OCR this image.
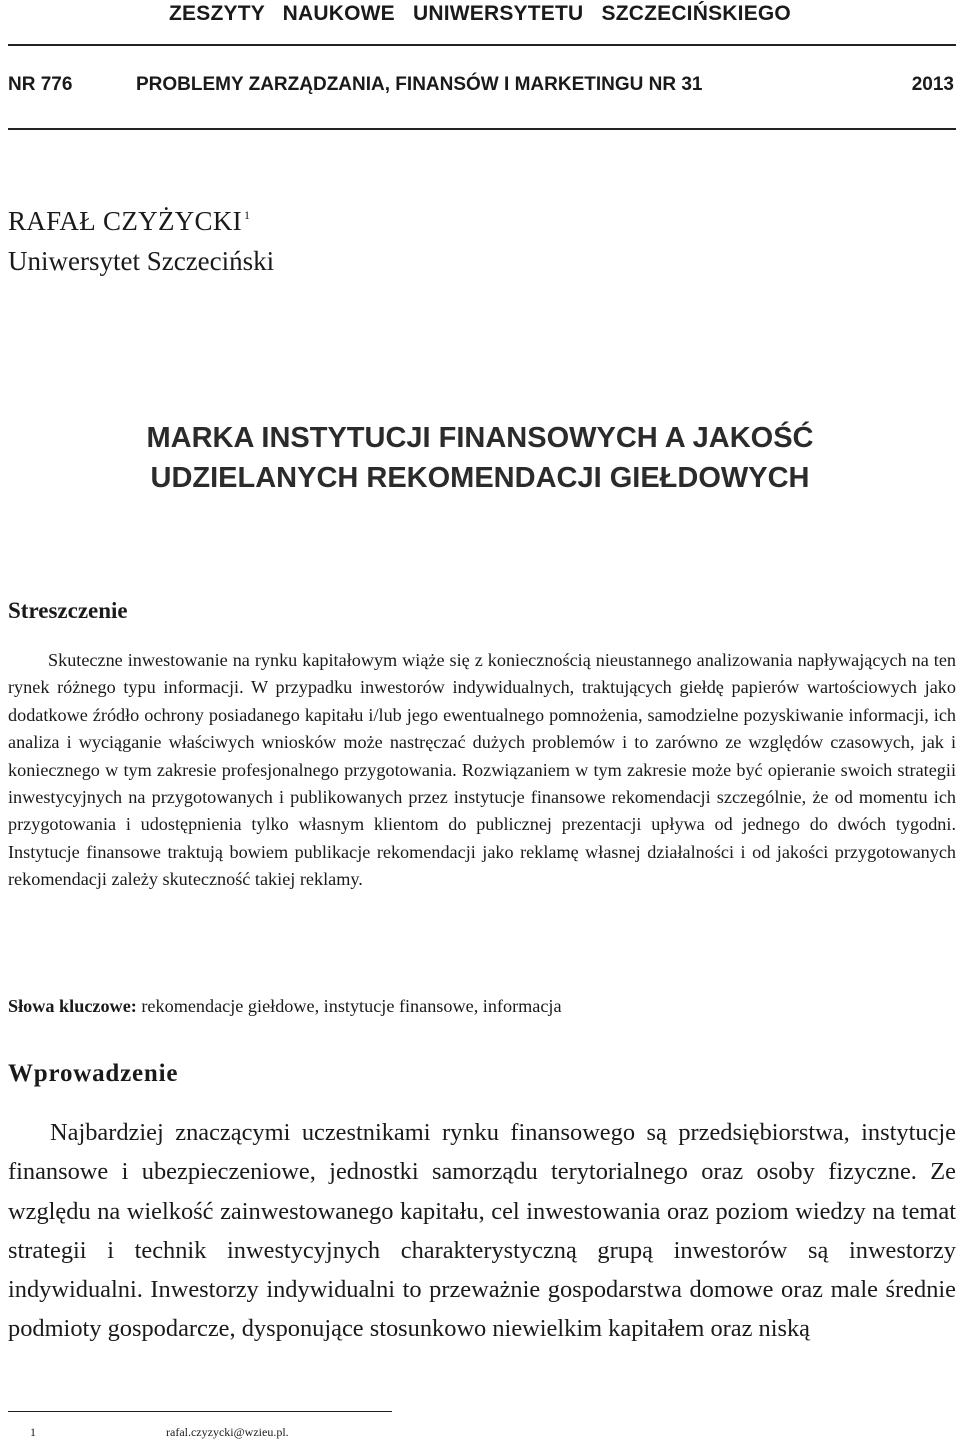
ZESZYTY   NAUKOWE   UNIWERSYTETU   SZCZECIŃSKIEGO
NR 776	PROBLEMY ZARZĄDZANIA, FINANSÓW I MARKETINGU NR 31	2013
RAFAŁ CZYŻYCKI $^1$
Uniwersytet Szczeciński
MARKA INSTYTUCJI FINANSOWYCH A JAKOŚĆ
UDZIELANYCH REKOMENDACJI GIEŁDOWYCH
Streszczenie

Skuteczne inwestowanie na rynku kapitałowym wiąże się z koniecznością nieustannego analizowania napływających na ten rynek różnego typu informacji. W przypadku inwestorów indywidualnych, traktujących giełdę papierów wartościowych jako dodatkowe źródło ochrony posiadanego kapitału i/lub jego ewentualnego pomnożenia, samodzielne pozyskiwanie informacji, ich analiza i wyciąganie właściwych wniosków może nastręczać dużych problemów i to zarówno ze względów czasowych, jak i koniecznego w tym zakresie profesjonalnego przygotowania. Rozwiązaniem w tym zakresie może być opieranie swoich strategii inwestycyjnych na przygotowanych i publikowanych przez instytucje finansowe rekomendacji szczególnie, że od momentu ich przygotowania i udostępnienia tylko własnym klientom do publicznej prezentacji upływa od jednego do dwóch tygodni. Instytucje finansowe traktują bowiem publikacje rekomendacji jako reklamę własnej działalności i od jakości przygotowanych rekomendacji zależy skuteczność takiej reklamy.

Słowa kluczowe: rekomendacje giełdowe, instytucje finansowe, informacja
Wprowadzenie

Najbardziej znaczącymi uczestnikami rynku finansowego są przedsiębiorstwa, instytucje finansowe i ubezpieczeniowe, jednostki samorządu terytorialnego oraz osoby fizyczne. Ze względu na wielkość zainwestowanego kapitału, cel inwestowania oraz poziom wiedzy na temat strategii i technik inwestycyjnych charakterystyczną grupą inwestorów są inwestorzy indywidualni. Inwestorzy indywidualni to przeważnie gospodarstwa domowe oraz male średnie podmioty gospodarcze, dysponujące stosunkowo niewielkim kapitałem oraz niską

1	rafal.czyzycki@wzieu.pl.
